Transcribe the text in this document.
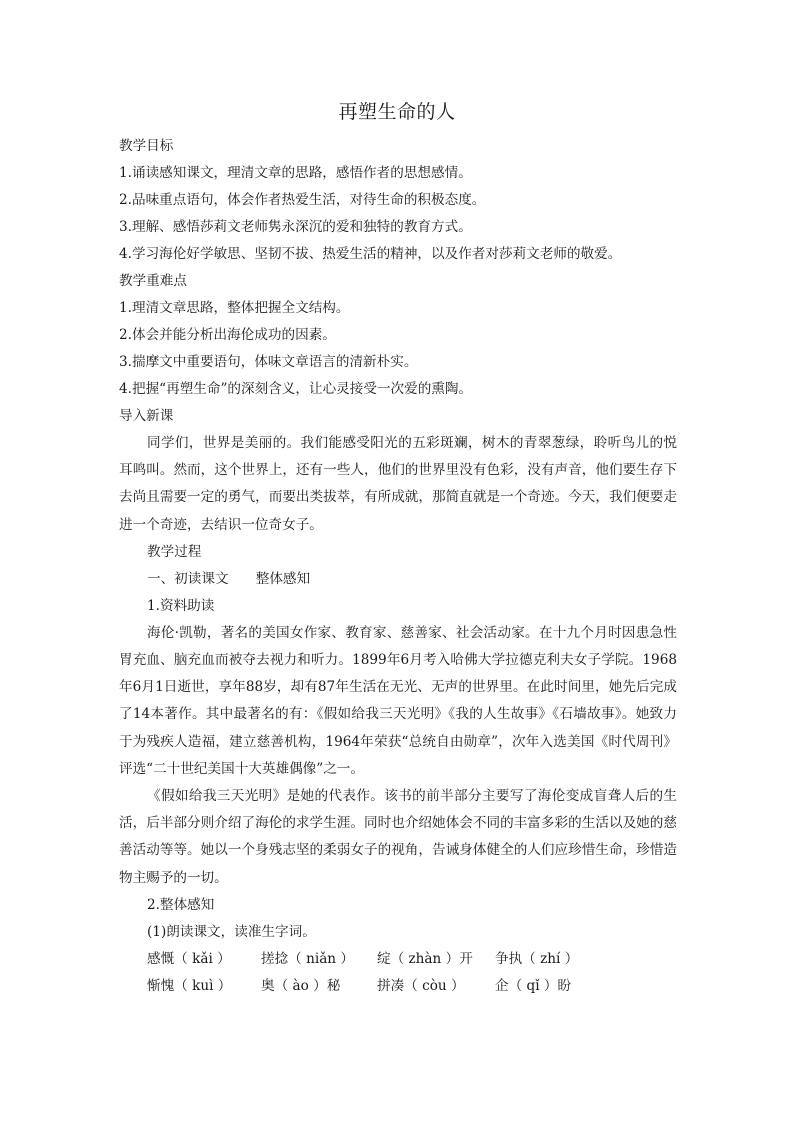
再塑生命的人
教学目标
1.诵读感知课文，理清文章的思路，感悟作者的思想感情。
2.品味重点语句，体会作者热爱生活，对待生命的积极态度。
3.理解、感悟莎莉文老师隽永深沉的爱和独特的教育方式。
4.学习海伦好学敏思、坚韧不拔、热爱生活的精神，以及作者对莎莉文老师的敬爱。
教学重难点
1.理清文章思路，整体把握全文结构。
2.体会并能分析出海伦成功的因素。
3.揣摩文中重要语句，体味文章语言的清新朴实。
4.把握“再塑生命”的深刻含义，让心灵接受一次爱的熏陶。
导入新课
同学们，世界是美丽的。我们能感受阳光的五彩斑斓，树木的青翠葱绿，聆听鸟儿的悦耳鸣叫。然而，这个世界上，还有一些人，他们的世界里没有色彩，没有声音，他们要生存下去尚且需要一定的勇气，而要出类拔萃，有所成就，那简直就是一个奇迹。今天，我们便要走进一个奇迹，去结识一位奇女子。
教学过程
一、初读课文　　整体感知
1.资料助读
海伦·凯勒，著名的美国女作家、教育家、慈善家、社会活动家。在十九个月时因患急性胃充血、脑充血而被夺去视力和听力。1899年6月考入哈佛大学拉德克利夫女子学院。1968年6月1日逝世，享年88岁，却有87年生活在无光、无声的世界里。在此时间里，她先后完成了14本著作。其中最著名的有：《假如给我三天光明》《我的人生故事》《石墙故事》。她致力于为残疾人造福，建立慈善机构，1964年荣获“总统自由勋章”，次年入选美国《时代周刊》评选“二十世纪美国十大英雄偶像”之一。
《假如给我三天光明》是她的代表作。该书的前半部分主要写了海伦变成盲聋人后的生活，后半部分则介绍了海伦的求学生涯。同时也介绍她体会不同的丰富多彩的生活以及她的慈善活动等等。她以一个身残志坚的柔弱女子的视角，告诫身体健全的人们应珍惜生命，珍惜造物主赐予的一切。
2.整体感知
(1)朗读课文，读准生字词。
感慨（ kǎi ）	搓捻（ niǎn ）	绽（ zhàn ）开	争执（ zhí ）
惭愧（ kuì ）	奥（ ào ）秘	拼凑（ còu ）	企（ qǐ ）盼
